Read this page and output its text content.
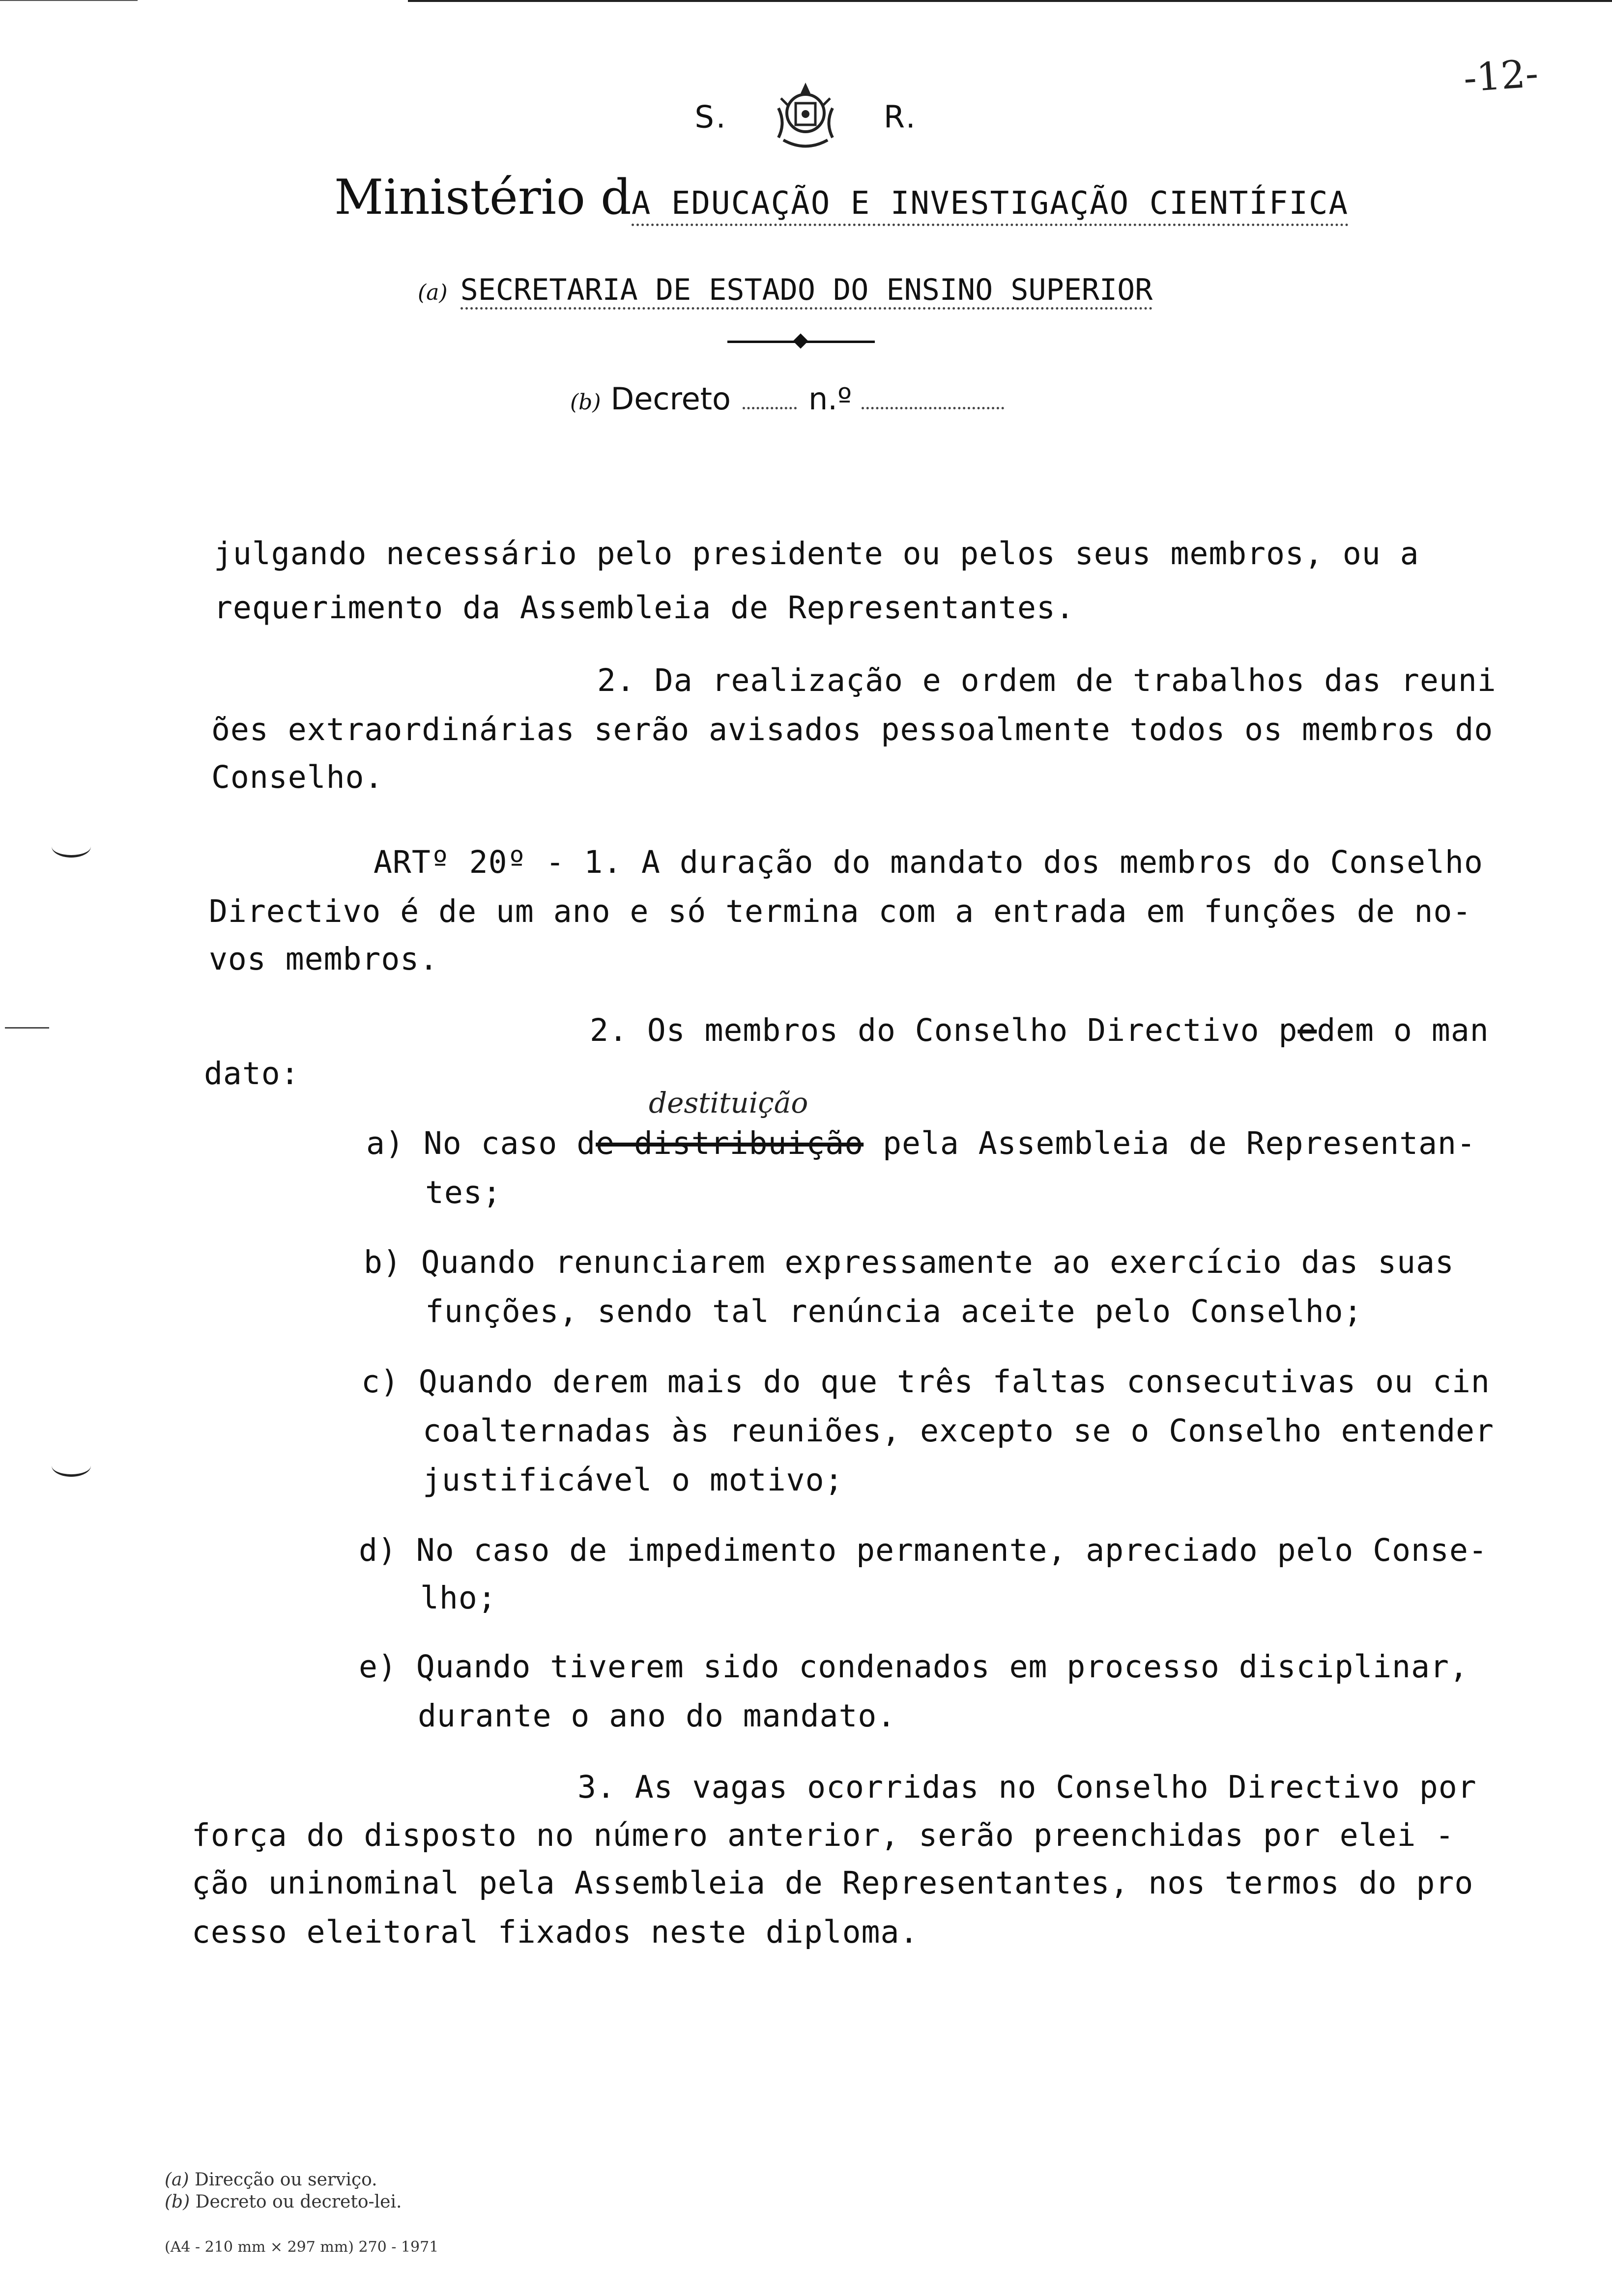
-12-
S.	R.
Ministério dA EDUCAÇÃO E INVESTIGAÇÃO CIENTÍFICA
(a) SECRETARIA DE ESTADO DO ENSINO SUPERIOR
(b) Decreto	n.º
julgando necessário pelo presidente ou pelos seus membros, ou a
requerimento da Assembleia de Representantes.
2. Da realização e ordem de trabalhos das reuni
ões extraordinárias serão avisados pessoalmente todos os membros do
Conselho.
ARTº 20º - 1. A duração do mandato dos membros do Conselho
Directivo é de um ano e só termina com a entrada em funções de no-
vos membros.
2. Os membros do Conselho Directivo pedem o man
dato:
destituição
a) No caso de distribuição pela Assembleia de Representan-
tes;
b) Quando renunciarem expressamente ao exercício das suas
funções, sendo tal renúncia aceite pelo Conselho;
c) Quando derem mais do que três faltas consecutivas ou cin
coalternadas às reuniões, excepto se o Conselho entender
justificável o motivo;
d) No caso de impedimento permanente, apreciado pelo Conse-
lho;
e) Quando tiverem sido condenados em processo disciplinar,
durante o ano do mandato.
3. As vagas ocorridas no Conselho Directivo por
força do disposto no número anterior, serão preenchidas por elei -
ção uninominal pela Assembleia de Representantes, nos termos do pro
cesso eleitoral fixados neste diploma.
(a) Direcção ou serviço.
(b) Decreto ou decreto-lei.
(A4 - 210 mm × 297 mm) 270 - 1971
